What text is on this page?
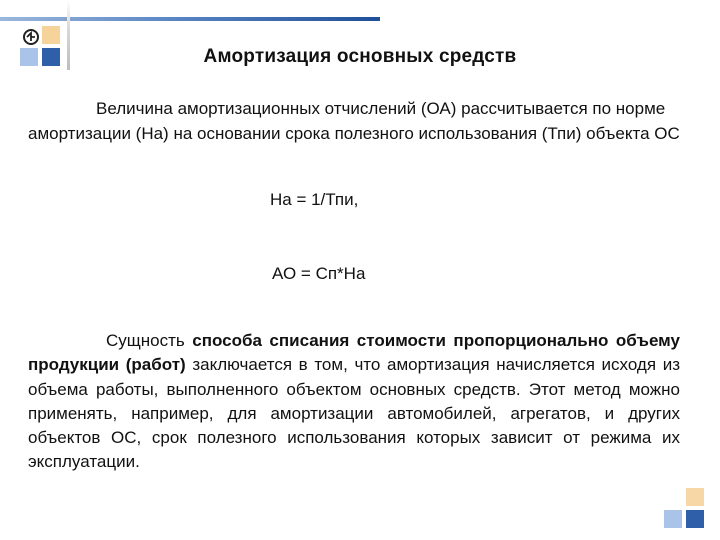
Амортизация основных средств

Величина амортизационных отчислений (ОА) рассчитывается по норме амортизации (На) на основании срока полезного использования (Тпи) объекта ОС

На = 1/Тпи,

АО = Сп*На

Сущность способа списания стоимости пропорционально объему продукции (работ) заключается в том, что амортизация начисляется исходя из объема работы, выполненного объектом основных средств. Этот метод можно применять, например, для амортизации автомобилей, агрегатов, и других объектов ОС, срок полезного использования которых зависит от режима их эксплуатации.
